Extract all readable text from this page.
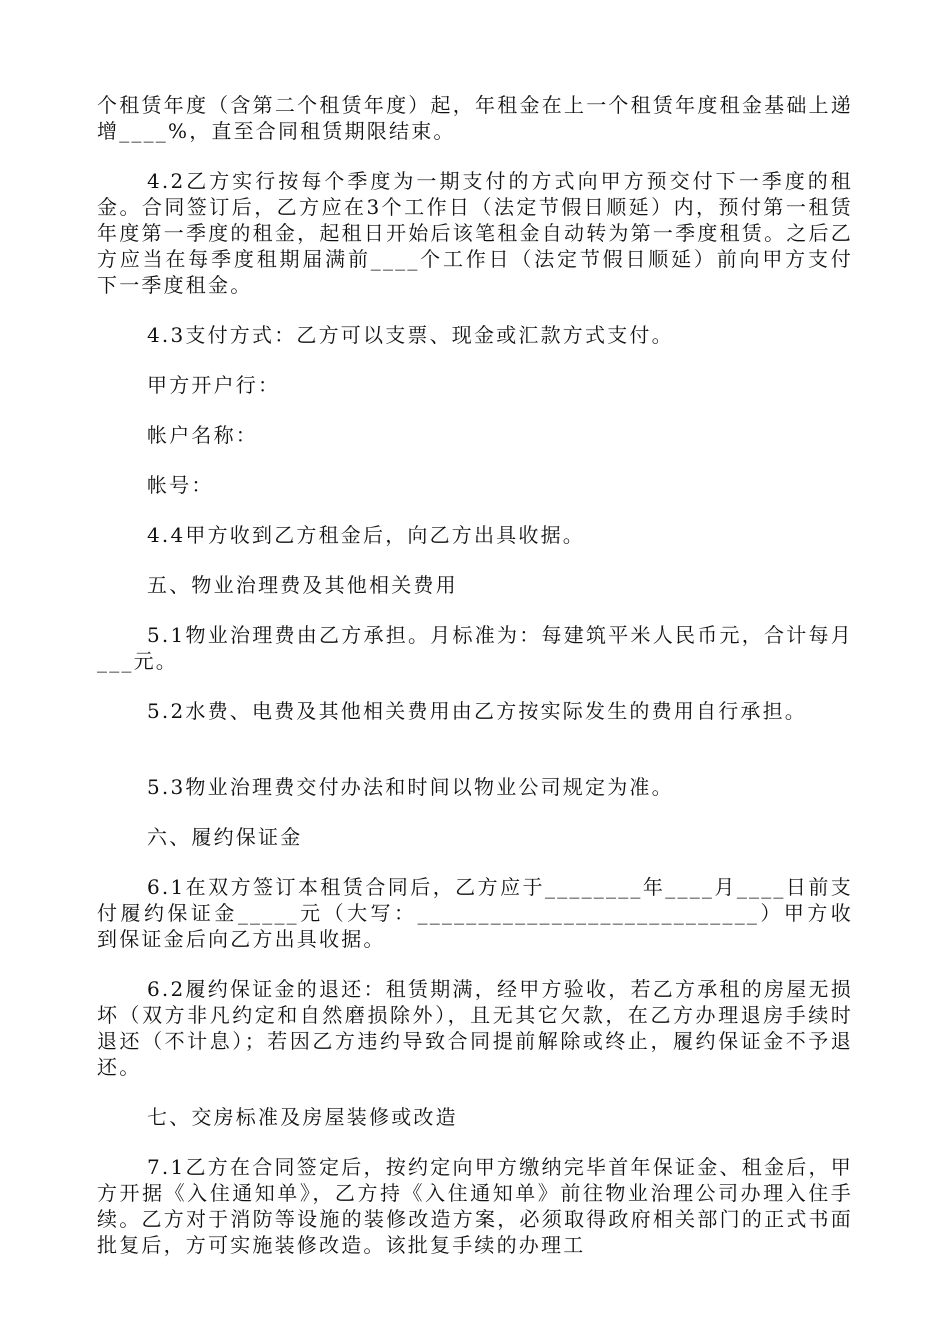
个租赁年度（含第二个租赁年度）起，年租金在上一个租赁年度租金基础上递增____%，直至合同租赁期限结束。

4.2乙方实行按每个季度为一期支付的方式向甲方预交付下一季度的租金。合同签订后，乙方应在3个工作日（法定节假日顺延）内，预付第一租赁年度第一季度的租金，起租日开始后该笔租金自动转为第一季度租赁。之后乙方应当在每季度租期届满前____个工作日（法定节假日顺延）前向甲方支付下一季度租金。

4.3支付方式：乙方可以支票、现金或汇款方式支付。

甲方开户行：

帐户名称：

帐号：

4.4甲方收到乙方租金后，向乙方出具收据。

五、物业治理费及其他相关费用

5.1物业治理费由乙方承担。月标准为：每建筑平米人民币元，合计每月___元。

5.2水费、电费及其他相关费用由乙方按实际发生的费用自行承担。

5.3物业治理费交付办法和时间以物业公司规定为准。

六、履约保证金

6.1在双方签订本租赁合同后，乙方应于________年____月____日前支付履约保证金_____元（大写：____________________________）甲方收到保证金后向乙方出具收据。

6.2履约保证金的退还：租赁期满，经甲方验收，若乙方承租的房屋无损坏（双方非凡约定和自然磨损除外），且无其它欠款，在乙方办理退房手续时退还（不计息）；若因乙方违约导致合同提前解除或终止，履约保证金不予退还。

七、交房标准及房屋装修或改造

7.1乙方在合同签定后，按约定向甲方缴纳完毕首年保证金、租金后，甲方开据《入住通知单》，乙方持《入住通知单》前往物业治理公司办理入住手续。乙方对于消防等设施的装修改造方案，必须取得政府相关部门的正式书面批复后，方可实施装修改造。该批复手续的办理工
